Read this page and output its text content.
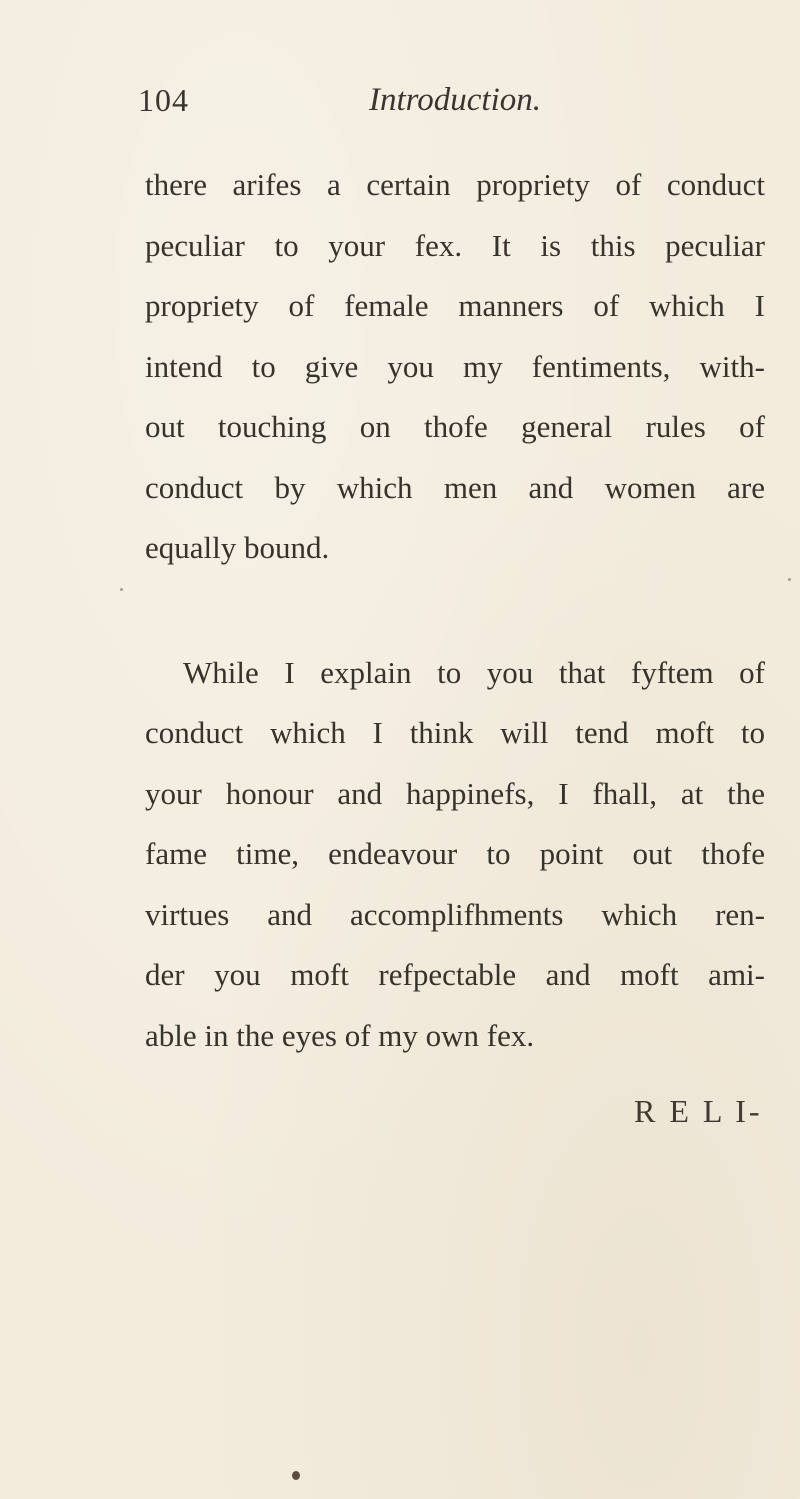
104	Introduction.
there arifes a certain propriety of conduct
peculiar to your fex. It is this peculiar
propriety of female manners of which I
intend to give you my fentiments, with-
out touching on thofe general rules of
conduct by which men and women are
equally bound.
While I explain to you that fyftem of
conduct which I think will tend moft to
your honour and happinefs, I fhall, at the
fame time, endeavour to point out thofe
virtues and accomplifhments which ren-
der you moft refpectable and moft ami-
able in the eyes of my own fex.
R E L I-
